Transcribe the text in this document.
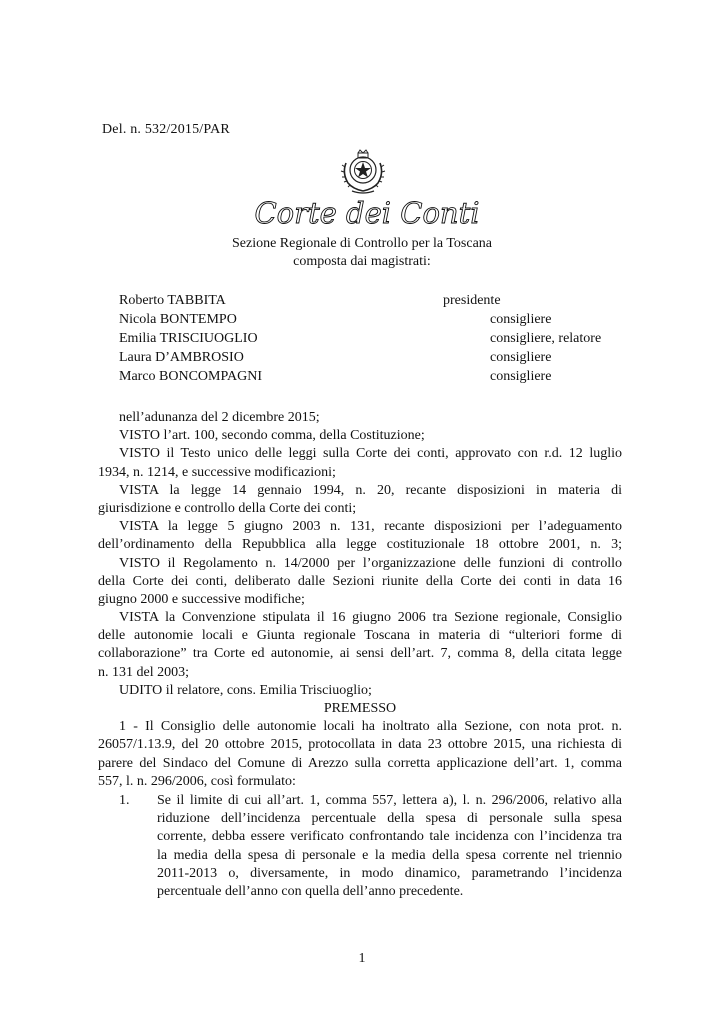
Del. n. 532/2015/PAR
Corte dei Conti
Sezione Regionale di Controllo per la Toscana
composta dai magistrati:
Roberto TABBITA	presidente
Nicola BONTEMPO	consigliere
Emilia TRISCIUOGLIO	consigliere, relatore
Laura D’AMBROSIO	consigliere
Marco BONCOMPAGNI	consigliere
nell’adunanza del 2 dicembre 2015;
VISTO l’art. 100, secondo comma, della Costituzione;
VISTO il Testo unico delle leggi sulla Corte dei conti, approvato con r.d. 12 luglio
1934, n. 1214, e successive modificazioni;
VISTA la legge 14 gennaio 1994, n. 20, recante disposizioni in materia di
giurisdizione e controllo della Corte dei conti;
VISTA la legge 5 giugno 2003 n. 131, recante disposizioni per l’adeguamento
dell’ordinamento della Repubblica alla legge costituzionale 18 ottobre 2001, n. 3;
VISTO il Regolamento n. 14/2000 per l’organizzazione delle funzioni di controllo
della Corte dei conti, deliberato dalle Sezioni riunite della Corte dei conti in data 16
giugno 2000 e successive modifiche;
VISTA la Convenzione stipulata il 16 giugno 2006 tra Sezione regionale, Consiglio
delle autonomie locali e Giunta regionale Toscana in materia di “ulteriori forme di
collaborazione” tra Corte ed autonomie, ai sensi dell’art. 7, comma 8, della citata legge
n. 131 del 2003;
UDITO il relatore, cons. Emilia Trisciuoglio;
PREMESSO
1 - Il Consiglio delle autonomie locali ha inoltrato alla Sezione, con nota prot. n.
26057/1.13.9, del 20 ottobre 2015, protocollata in data 23 ottobre 2015, una richiesta di
parere del Sindaco del Comune di Arezzo sulla corretta applicazione dell’art. 1, comma
557, l. n. 296/2006, così formulato:
1. Se il limite di cui all’art. 1, comma 557, lettera a), l. n. 296/2006, relativo alla
riduzione dell’incidenza percentuale della spesa di personale sulla spesa
corrente, debba essere verificato confrontando tale incidenza con l’incidenza tra
la media della spesa di personale e la media della spesa corrente nel triennio
2011-2013 o, diversamente, in modo dinamico, parametrando l’incidenza
percentuale dell’anno con quella dell’anno precedente.
1
